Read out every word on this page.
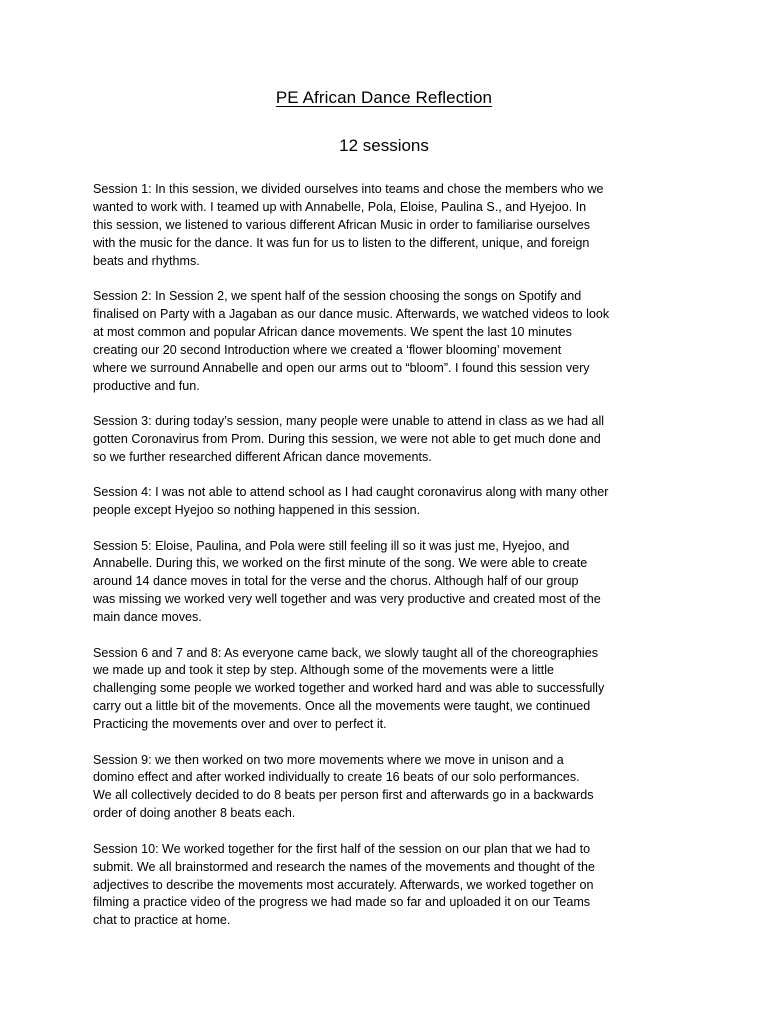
PE African Dance Reflection
12 sessions

Session 1: In this session, we divided ourselves into teams and chose the members who we
wanted to work with. I teamed up with Annabelle, Pola, Eloise, Paulina S., and Hyejoo. In
this session, we listened to various different African Music in order to familiarise ourselves
with the music for the dance. It was fun for us to listen to the different, unique, and foreign
beats and rhythms.

Session 2: In Session 2, we spent half of the session choosing the songs on Spotify and
finalised on Party with a Jagaban as our dance music. Afterwards, we watched videos to look
at most common and popular African dance movements. We spent the last 10 minutes
creating our 20 second Introduction where we created a ‘flower blooming’ movement
where we surround Annabelle and open our arms out to “bloom”. I found this session very
productive and fun.

Session 3: during today’s session, many people were unable to attend in class as we had all
gotten Coronavirus from Prom. During this session, we were not able to get much done and
so we further researched different African dance movements.

Session 4: I was not able to attend school as I had caught coronavirus along with many other
people except Hyejoo so nothing happened in this session.

Session 5: Eloise, Paulina, and Pola were still feeling ill so it was just me, Hyejoo, and
Annabelle. During this, we worked on the first minute of the song. We were able to create
around 14 dance moves in total for the verse and the chorus. Although half of our group
was missing we worked very well together and was very productive and created most of the
main dance moves.

Session 6 and 7 and 8: As everyone came back, we slowly taught all of the choreographies
we made up and took it step by step. Although some of the movements were a little
challenging some people we worked together and worked hard and was able to successfully
carry out a little bit of the movements. Once all the movements were taught, we continued
Practicing the movements over and over to perfect it.

Session 9: we then worked on two more movements where we move in unison and a
domino effect and after worked individually to create 16 beats of our solo performances.
We all collectively decided to do 8 beats per person first and afterwards go in a backwards
order of doing another 8 beats each.

Session 10: We worked together for the first half of the session on our plan that we had to
submit. We all brainstormed and research the names of the movements and thought of the
adjectives to describe the movements most accurately. Afterwards, we worked together on
filming a practice video of the progress we had made so far and uploaded it on our Teams
chat to practice at home.
